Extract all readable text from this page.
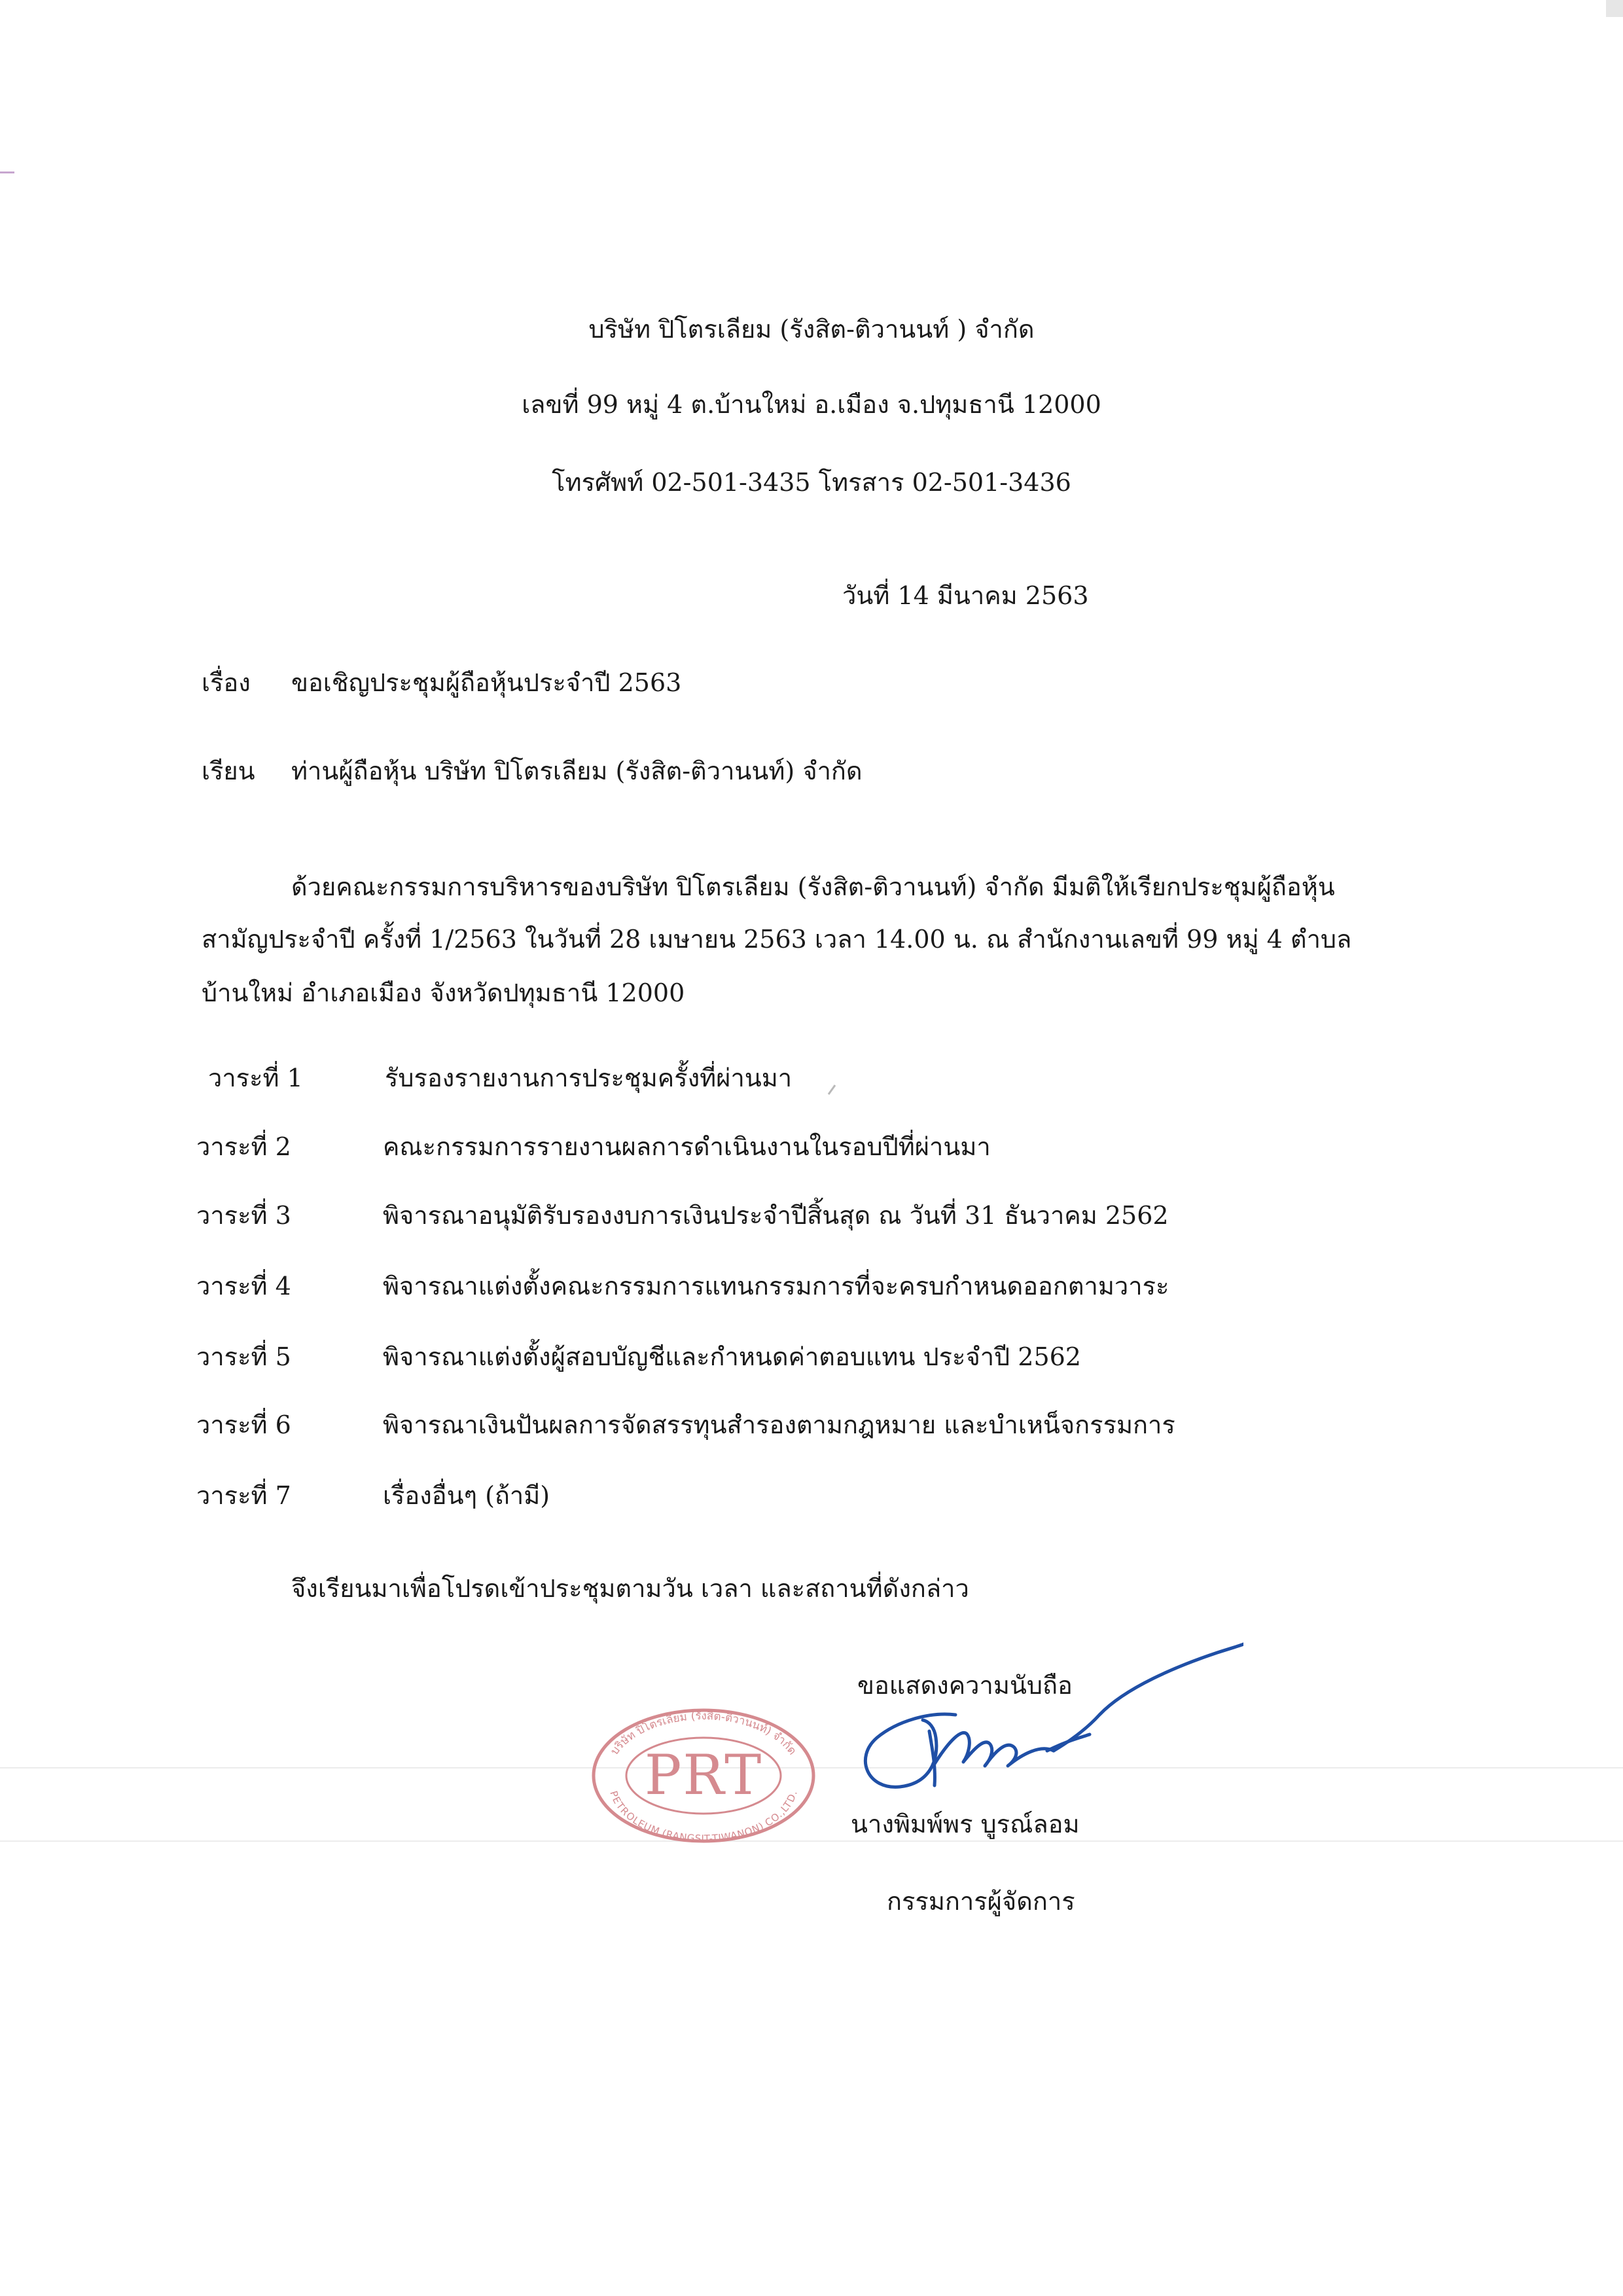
บริษัท ปิโตรเลียม (รังสิต-ติวานนท์ ) จำกัด
เลขที่ 99 หมู่ 4 ต.บ้านใหม่ อ.เมือง จ.ปทุมธานี 12000
โทรศัพท์ 02-501-3435 โทรสาร 02-501-3436
วันที่ 14 มีนาคม 2563
เรื่อง ขอเชิญประชุมผู้ถือหุ้นประจำปี 2563
เรียน ท่านผู้ถือหุ้น บริษัท ปิโตรเลียม (รังสิต-ติวานนท์) จำกัด
ด้วยคณะกรรมการบริหารของบริษัท ปิโตรเลียม (รังสิต-ติวานนท์) จำกัด มีมติให้เรียกประชุมผู้ถือหุ้น
สามัญประจำปี ครั้งที่ 1/2563 ในวันที่ 28 เมษายน 2563 เวลา 14.00 น. ณ สำนักงานเลขที่ 99 หมู่ 4 ตำบล
บ้านใหม่ อำเภอเมือง จังหวัดปทุมธานี 12000
วาระที่ 1	รับรองรายงานการประชุมครั้งที่ผ่านมา
วาระที่ 2	คณะกรรมการรายงานผลการดำเนินงานในรอบปีที่ผ่านมา
วาระที่ 3	พิจารณาอนุมัติรับรองงบการเงินประจำปีสิ้นสุด ณ วันที่ 31 ธันวาคม 2562
วาระที่ 4	พิจารณาแต่งตั้งคณะกรรมการแทนกรรมการที่จะครบกำหนดออกตามวาระ
วาระที่ 5	พิจารณาแต่งตั้งผู้สอบบัญชีและกำหนดค่าตอบแทน ประจำปี 2562
วาระที่ 6	พิจารณาเงินปันผลการจัดสรรทุนสำรองตามกฎหมาย และบำเหน็จกรรมการ
วาระที่ 7	เรื่องอื่นๆ (ถ้ามี)
จึงเรียนมาเพื่อโปรดเข้าประชุมตามวัน เวลา และสถานที่ดังกล่าว
ขอแสดงความนับถือ
นางพิมพ์พร บูรณ์ลอม
กรรมการผู้จัดการ
บริษัท ปิโตรเลียม (รังสิต-ติวานนท์) จำกัด
PETROLEUM (RANGSIT-TIWANON) CO.,LTD.
PRT
